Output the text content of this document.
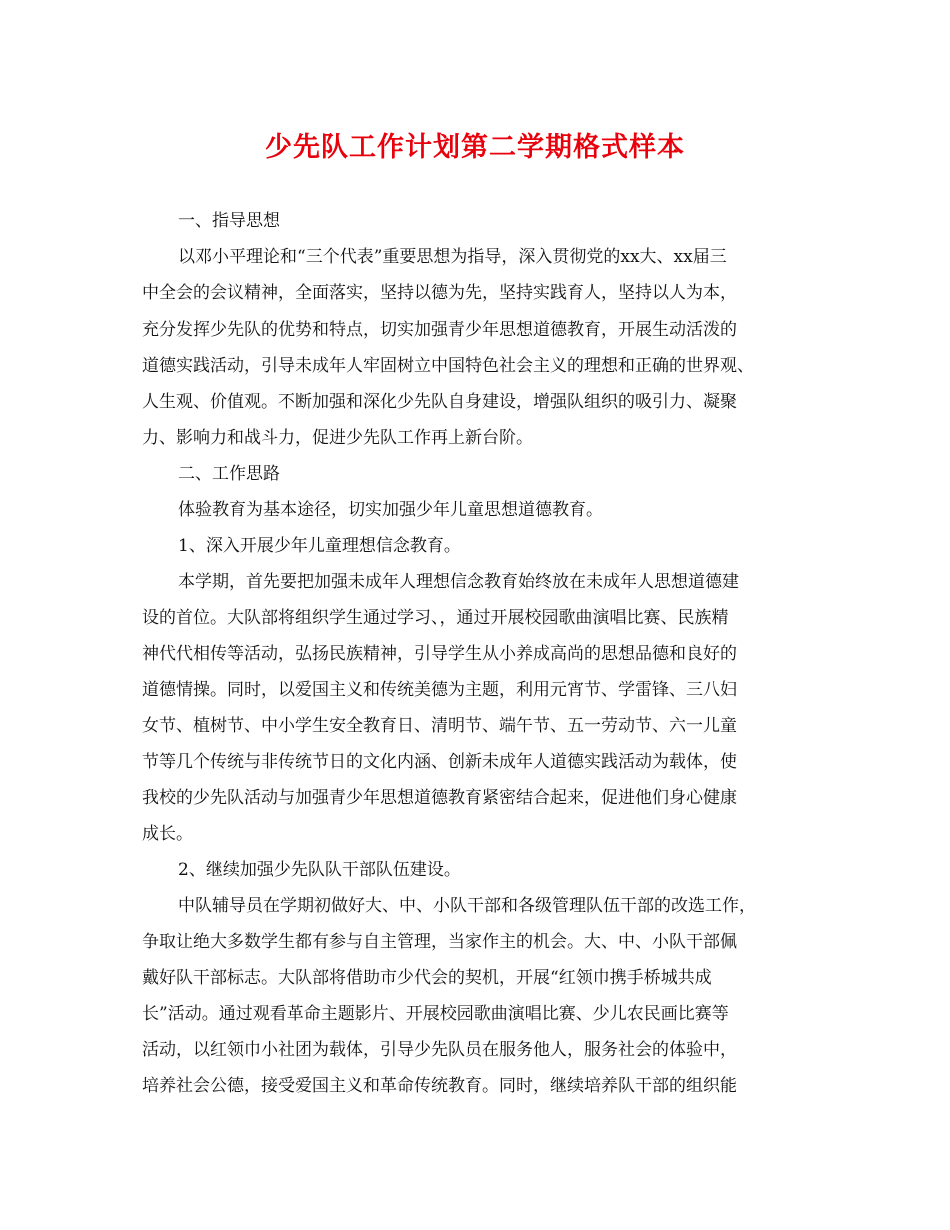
少先队工作计划第二学期格式样本
一、指导思想
以邓小平理论和“三个代表”重要思想为指导，深入贯彻党的xx大、xx届三
中全会的会议精神，全面落实，坚持以德为先，坚持实践育人，坚持以人为本，
充分发挥少先队的优势和特点，切实加强青少年思想道德教育，开展生动活泼的
道德实践活动，引导未成年人牢固树立中国特色社会主义的理想和正确的世界观、
人生观、价值观。不断加强和深化少先队自身建设，增强队组织的吸引力、凝聚
力、影响力和战斗力，促进少先队工作再上新台阶。
二、工作思路
体验教育为基本途径，切实加强少年儿童思想道德教育。
1、深入开展少年儿童理想信念教育。
本学期，首先要把加强未成年人理想信念教育始终放在未成年人思想道德建
设的首位。大队部将组织学生通过学习、，通过开展校园歌曲演唱比赛、民族精
神代代相传等活动，弘扬民族精神，引导学生从小养成高尚的思想品德和良好的
道德情操。同时，以爱国主义和传统美德为主题，利用元宵节、学雷锋、三八妇
女节、植树节、中小学生安全教育日、清明节、端午节、五一劳动节、六一儿童
节等几个传统与非传统节日的文化内涵、创新未成年人道德实践活动为载体，使
我校的少先队活动与加强青少年思想道德教育紧密结合起来，促进他们身心健康
成长。
2、继续加强少先队队干部队伍建设。
中队辅导员在学期初做好大、中、小队干部和各级管理队伍干部的改选工作，
争取让绝大多数学生都有参与自主管理，当家作主的机会。大、中、小队干部佩
戴好队干部标志。大队部将借助市少代会的契机，开展“红领巾携手桥城共成
长”活动。通过观看革命主题影片、开展校园歌曲演唱比赛、少儿农民画比赛等
活动，以红领巾小社团为载体，引导少先队员在服务他人，服务社会的体验中，
培养社会公德，接受爱国主义和革命传统教育。同时，继续培养队干部的组织能
